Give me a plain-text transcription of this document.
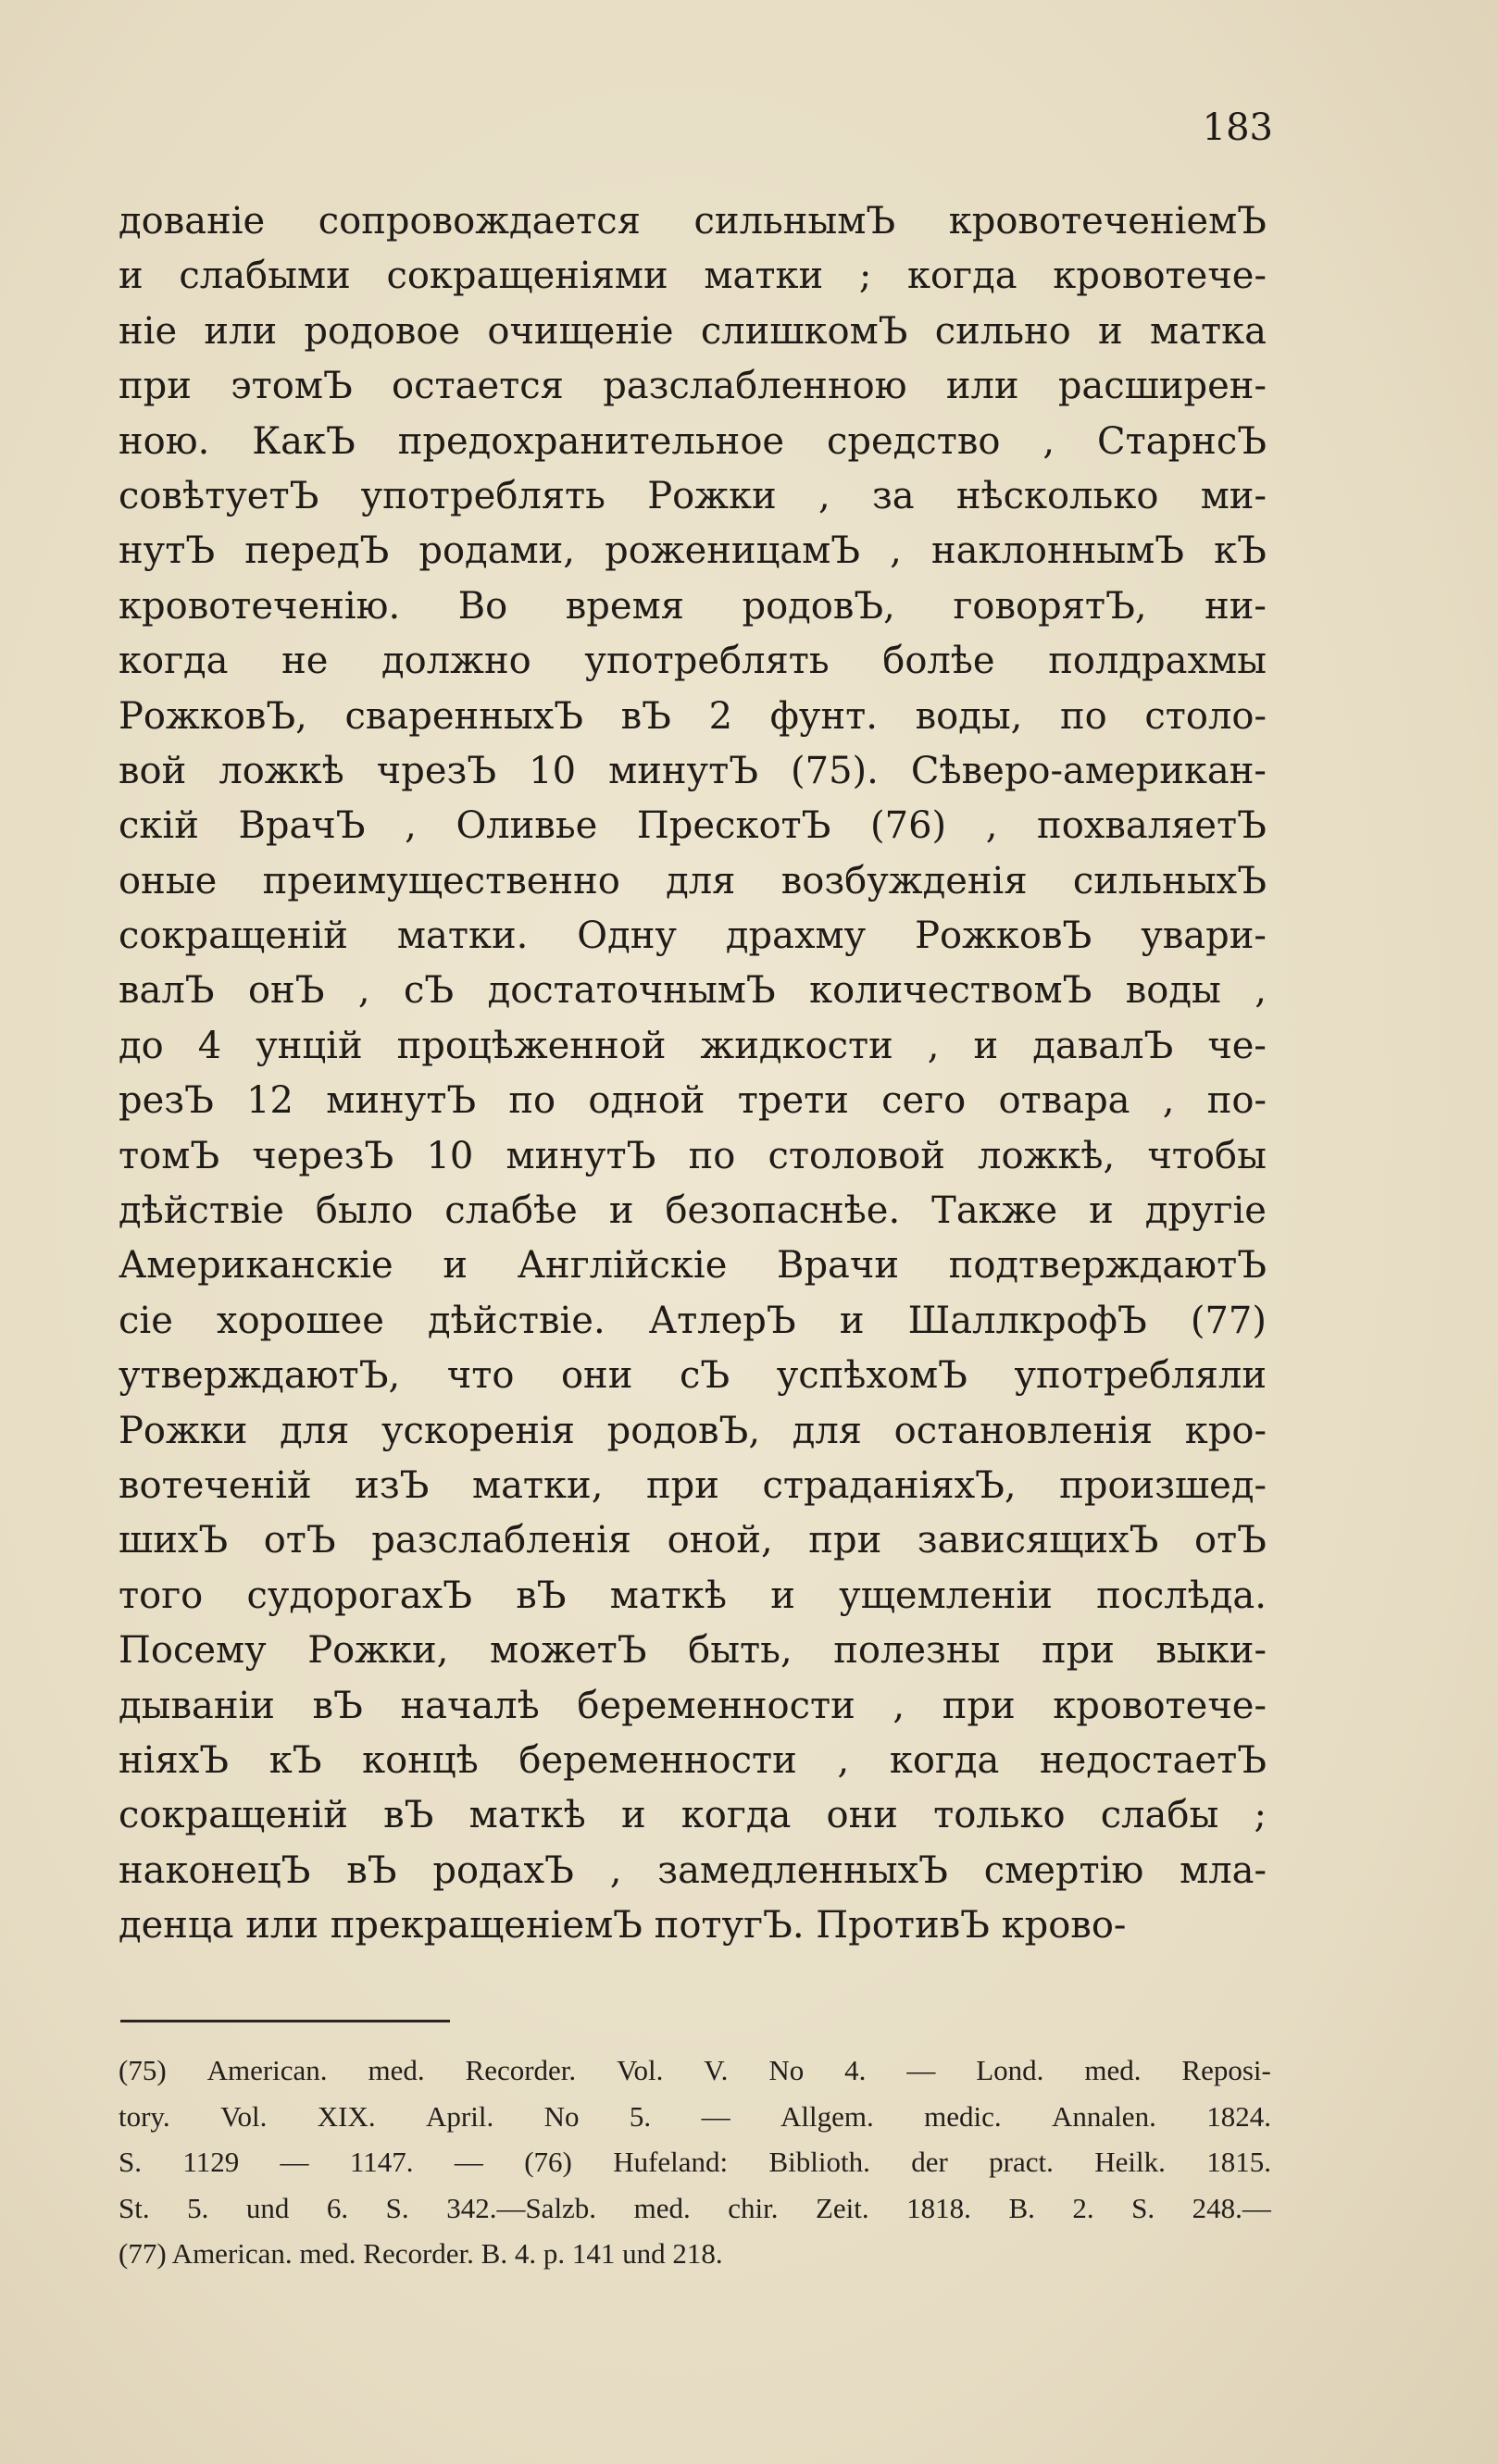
183
дованіе сопровождается сильнымЪ кровотеченіемЪ
и слабыми сокращеніями матки ; когда кровотече-
ніе или родовое очищеніе слишкомЪ сильно и матка
при этомЪ остается разслабленною или расширен-
ною. КакЪ предохранительное средство , СтарнсЪ
совѣтуетЪ употреблять Рожки , за нѣсколько ми-
нутЪ передЪ родами, роженицамЪ , наклоннымЪ кЪ
кровотеченію. Во время родовЪ, говорятЪ, ни-
когда не должно употреблять болѣе полдрахмы
РожковЪ, сваренныхЪ вЪ 2 фунт. воды, по столо-
вой ложкѣ чрезЪ 10 минутЪ (75). Сѣверо-американ-
скій ВрачЪ , Оливье ПрескотЪ (76) , похваляетЪ
оные преимущественно для возбужденія сильныхЪ
сокращеній матки. Одну драхму РожковЪ увари-
валЪ онЪ , сЪ достаточнымЪ количествомЪ воды ,
до 4 унцій процѣженной жидкости , и давалЪ че-
резЪ 12 минутЪ по одной трети сего отвара , по-
томЪ черезЪ 10 минутЪ по столовой ложкѣ, чтобы
дѣйствіе было слабѣе и безопаснѣе. Также и другіе
Американскіе и Англійскіе Врачи подтверждаютЪ
сіе хорошее дѣйствіе. АтлерЪ и ШаллкрофЪ (77)
утверждаютЪ, что они сЪ успѣхомЪ употребляли
Рожки для ускоренія родовЪ, для остановленія кро-
вотеченій изЪ матки, при страданіяхЪ, произшед-
шихЪ отЪ разслабленія оной, при зависящихЪ отЪ
того судорогахЪ вЪ маткѣ и ущемленіи послѣда.
Посему Рожки, можетЪ быть, полезны при выки-
дываніи вЪ началѣ беременности , при кровотече-
ніяхЪ кЪ концѣ беременности , когда недостаетЪ
сокращеній вЪ маткѣ и когда они только слабы ;
наконецЪ вЪ родахЪ , замедленныхЪ смертію мла-
денца или прекращеніемЪ потугЪ. ПротивЪ крово-
(75) American. med. Recorder. Vol. V. No 4. — Lond. med. Reposi-
tory. Vol. XIX. April. No 5. — Allgem. medic. Annalen. 1824.
S. 1129 — 1147. — (76) Hufeland: Biblioth. der pract. Heilk. 1815.
St. 5. und 6. S. 342.—Salzb. med. chir. Zeit. 1818. B. 2. S. 248.—
(77) American. med. Recorder. B. 4. p. 141 und 218.
